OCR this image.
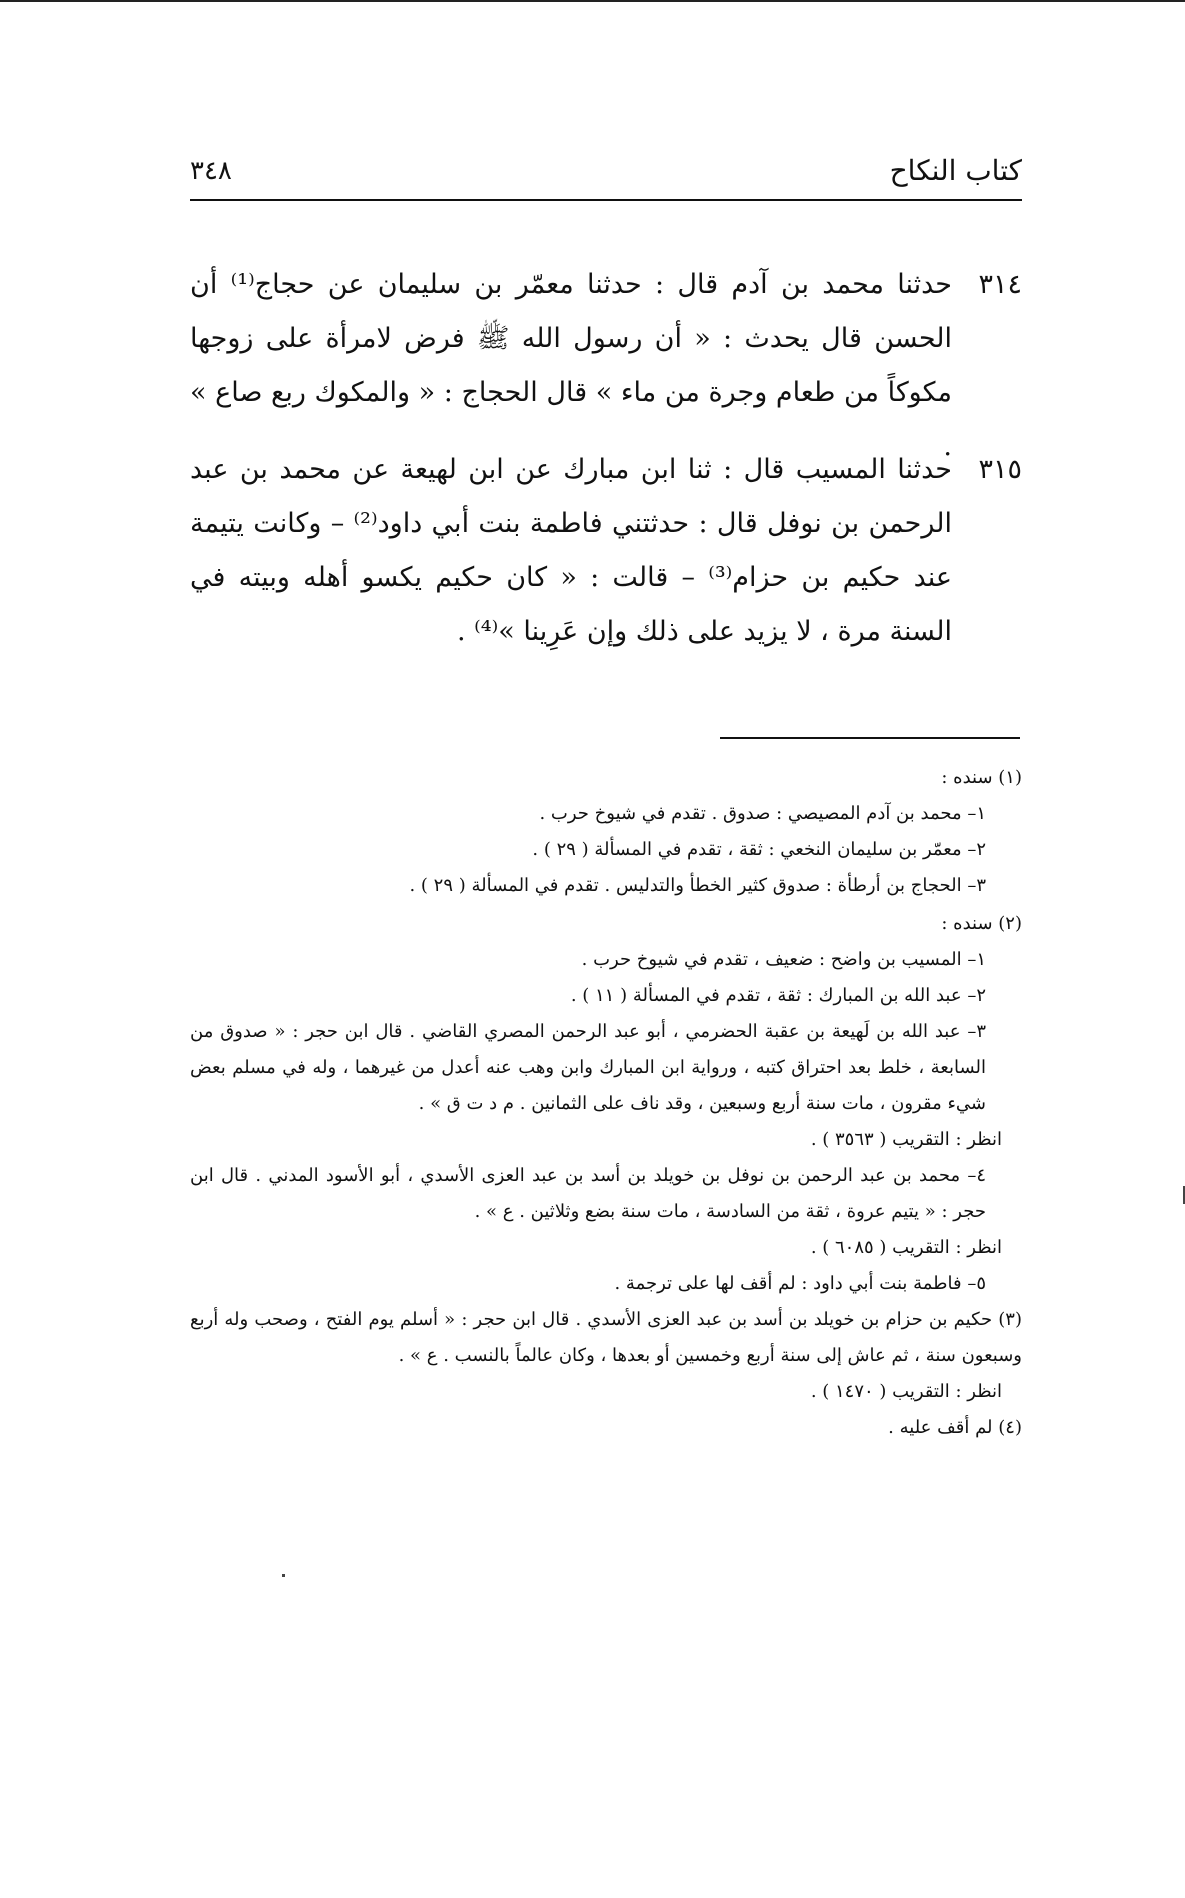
كتاب النكاح
٣٤٨
٣١٤
حدثنا محمد بن آدم قال : حدثنا معمّر بن سليمان عن حجاج⁽¹⁾ أن الحسن قال يحدث : « أن رسول الله ﷺ فرض لامرأة على زوجها مكوكاً من طعام وجرة من ماء » قال الحجاج : « والمكوك ربع صاع » .
٣١٥
حدثنا المسيب قال : ثنا ابن مبارك عن ابن لهيعة عن محمد بن عبد الرحمن بن نوفل قال : حدثتني فاطمة بنت أبي داود⁽²⁾ – وكانت يتيمة عند حكيم بن حزام⁽³⁾ – قالت : « كان حكيم يكسو أهله وبيته في السنة مرة ، لا يزيد على ذلك وإن عَرِينا »⁽⁴⁾ .

(١) سنده :

١– محمد بن آدم المصيصي : صدوق . تقدم في شيوخ حرب .

٢– معمّر بن سليمان النخعي : ثقة ، تقدم في المسألة ( ٢٩ ) .

٣– الحجاج بن أرطأة : صدوق كثير الخطأ والتدليس . تقدم في المسألة ( ٢٩ ) .

(٢) سنده :

١– المسيب بن واضح : ضعيف ، تقدم في شيوخ حرب .

٢– عبد الله بن المبارك : ثقة ، تقدم في المسألة ( ١١ ) .

٣– عبد الله بن لَهيعة بن عقبة الحضرمي ، أبو عبد الرحمن المصري القاضي . قال ابن حجر : « صدوق من السابعة ، خلط بعد احتراق كتبه ، ورواية ابن المبارك وابن وهب عنه أعدل من غيرهما ، وله في مسلم بعض شيء مقرون ، مات سنة أربع وسبعين ، وقد ناف على الثمانين . م د ت ق » .

انظر : التقريب ( ٣٥٦٣ ) .

٤– محمد بن عبد الرحمن بن نوفل بن خويلد بن أسد بن عبد العزى الأسدي ، أبو الأسود المدني . قال ابن حجر : « يتيم عروة ، ثقة من السادسة ، مات سنة بضع وثلاثين . ع » .

انظر : التقريب ( ٦٠٨٥ ) .

٥– فاطمة بنت أبي داود : لم أقف لها على ترجمة .

(٣) حكيم بن حزام بن خويلد بن أسد بن عبد العزى الأسدي . قال ابن حجر : « أسلم يوم الفتح ، وصحب وله أربع وسبعون سنة ، ثم عاش إلى سنة أربع وخمسين أو بعدها ، وكان عالماً بالنسب . ع » .

انظر : التقريب ( ١٤٧٠ ) .

(٤) لم أقف عليه .
